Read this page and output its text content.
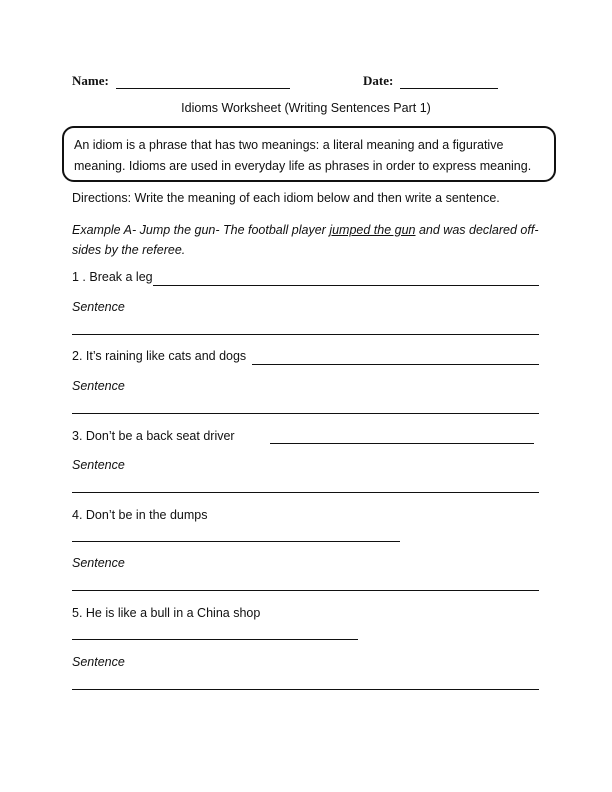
Name:	Date:
Idioms Worksheet (Writing Sentences Part 1)
An idiom is a phrase that has two meanings: a literal meaning and a figurative meaning. Idioms are used in everyday life as phrases in order to express meaning.
Directions: Write the meaning of each idiom below and then write a sentence.
Example A- Jump the gun- The football player jumped the gun and was declared off-sides by the referee.
1 . Break a leg
Sentence
2. It’s raining like cats and dogs
Sentence
3. Don’t be a back seat driver
Sentence
4. Don’t be in the dumps
Sentence
5. He is like a bull in a China shop
Sentence
